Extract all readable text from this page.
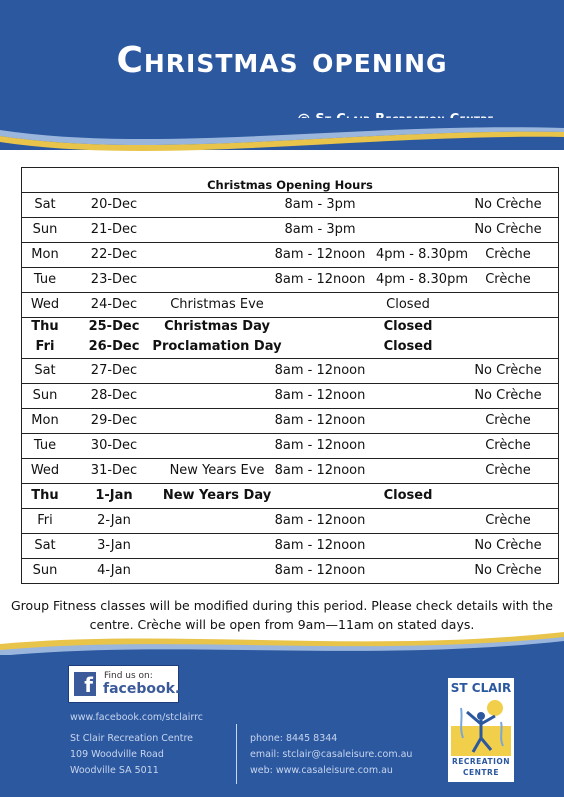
Christmas opening
Christmas Opening Hours
Sat	20-Dec	8am - 3pm	No Crèche
Sun	21-Dec	8am - 3pm	No Crèche
Mon	22-Dec	8am - 12noon 4pm - 8.30pm	Crèche
Tue	23-Dec	8am - 12noon 4pm - 8.30pm	Crèche
Wed	24-Dec	Christmas Eve	Closed
Thu	25-Dec	Christmas Day	Closed
Fri	26-Dec	Proclamation Day	Closed
Sat	27-Dec	8am - 12noon	No Crèche
Sun	28-Dec	8am - 12noon	No Crèche
Mon	29-Dec	8am - 12noon	Crèche
Tue	30-Dec	8am - 12noon	Crèche
Wed	31-Dec	New Years Eve 8am - 12noon	Crèche
Thu	1-Jan	New Years Day	Closed
Fri	2-Jan	8am - 12noon	Crèche
Sat	3-Jan	8am - 12noon	No Crèche
Sun	4-Jan	8am - 12noon	No Crèche
Group Fitness classes will be modified during this period. Please check details with the centre. Crèche will be open from 9am—11am on stated days.
f	Find us on:
facebook.
www.facebook.com/stclairrc
St Clair Recreation Centre
109 Woodville Road
Woodville SA 5011
phone: 8445 8344
email: stclair@casaleisure.com.au
web: www.casaleisure.com.au
ST CLAIR
RECREATION
CENTRE
